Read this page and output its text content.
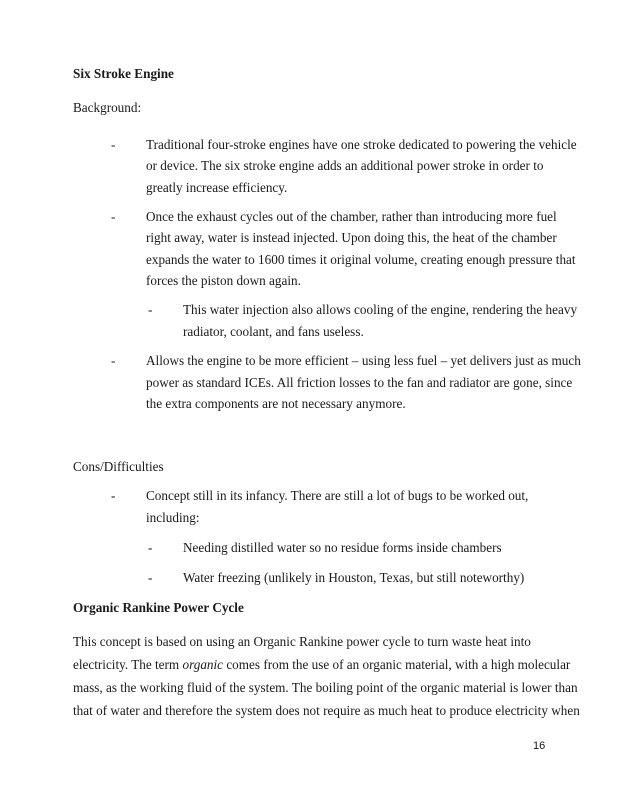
Six Stroke Engine
Background:
- Traditional four-stroke engines have one stroke dedicated to powering the vehicle
or device. The six stroke engine adds an additional power stroke in order to
greatly increase efficiency.
- Once the exhaust cycles out of the chamber, rather than introducing more fuel
right away, water is instead injected. Upon doing this, the heat of the chamber
expands the water to 1600 times it original volume, creating enough pressure that
forces the piston down again.
- This water injection also allows cooling of the engine, rendering the heavy
radiator, coolant, and fans useless.
- Allows the engine to be more efficient – using less fuel – yet delivers just as much
power as standard ICEs. All friction losses to the fan and radiator are gone, since
the extra components are not necessary anymore.
Cons/Difficulties
- Concept still in its infancy. There are still a lot of bugs to be worked out,
including:
- Needing distilled water so no residue forms inside chambers
- Water freezing (unlikely in Houston, Texas, but still noteworthy)
Organic Rankine Power Cycle
This concept is based on using an Organic Rankine power cycle to turn waste heat into
electricity. The term organic comes from the use of an organic material, with a high molecular
mass, as the working fluid of the system. The boiling point of the organic material is lower than
that of water and therefore the system does not require as much heat to produce electricity when
16
